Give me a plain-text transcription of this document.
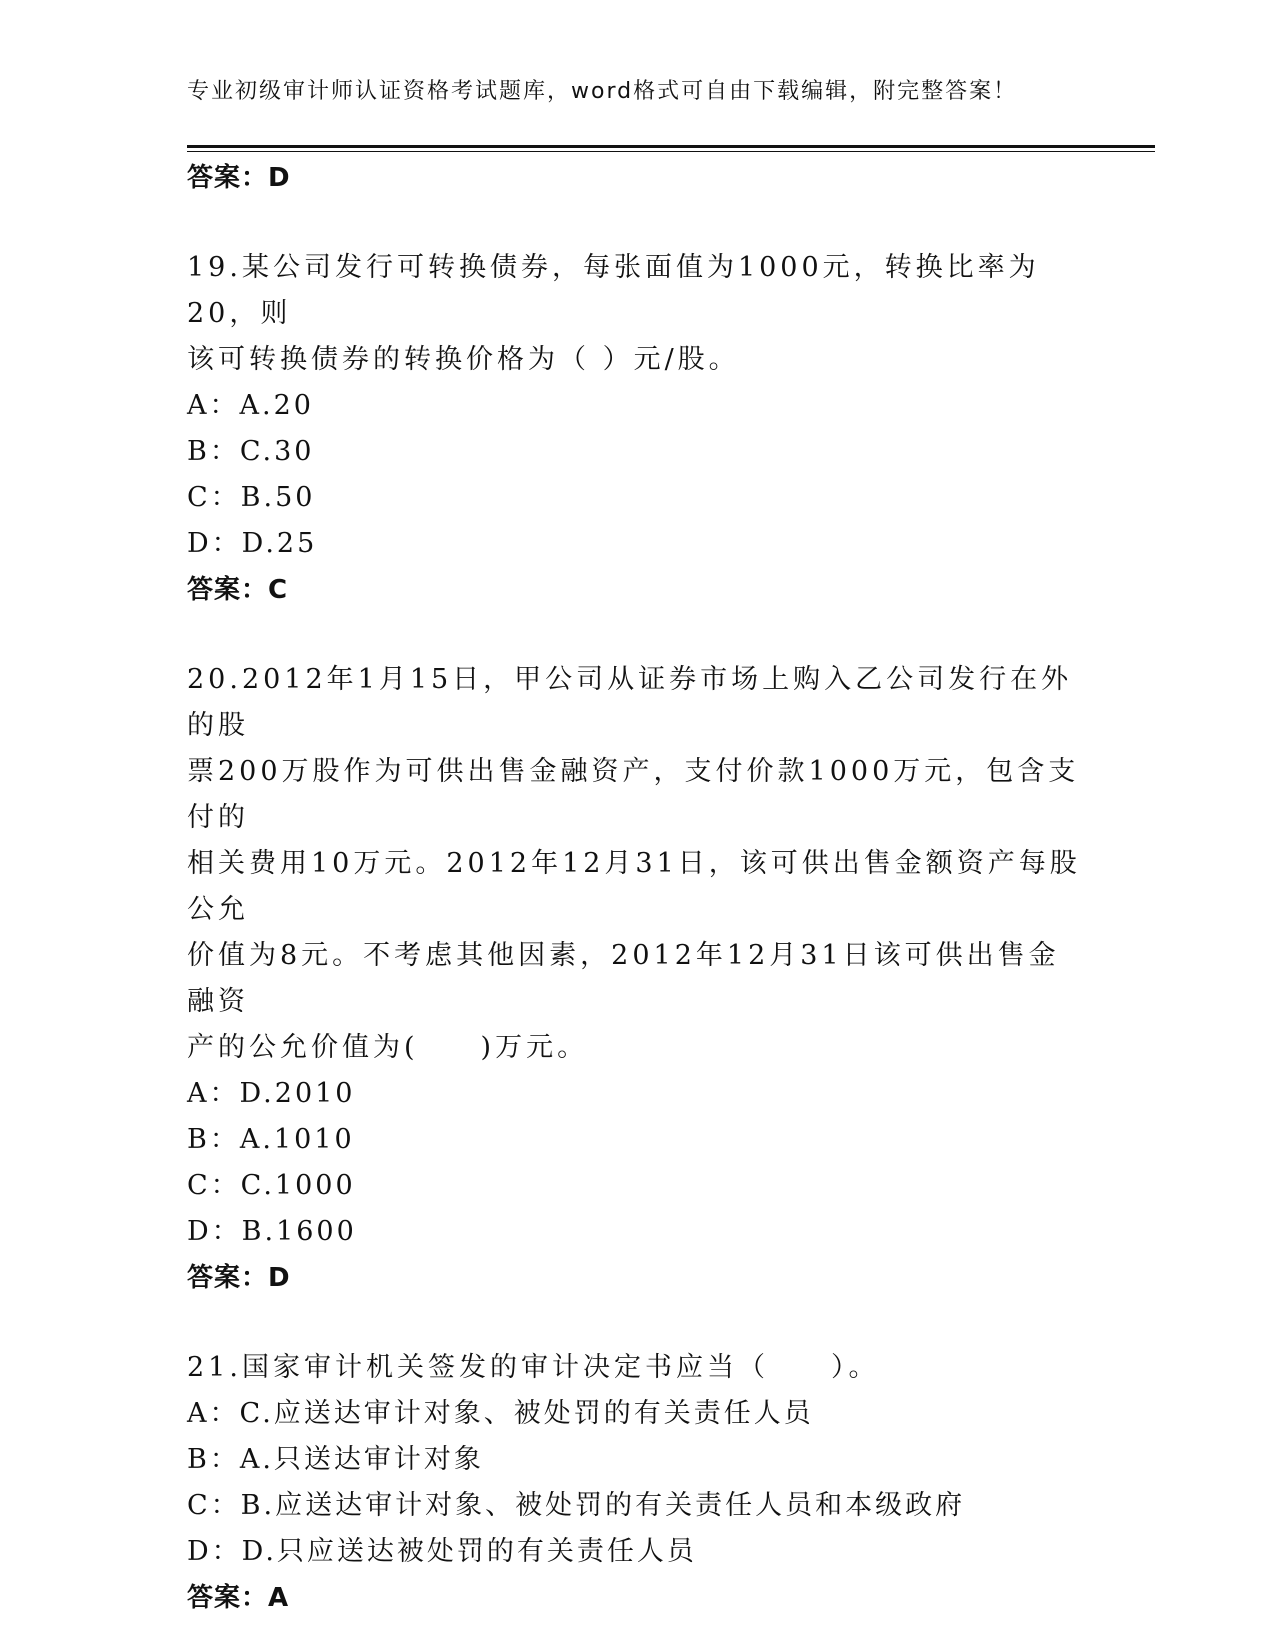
专业初级审计师认证资格考试题库，word格式可自由下载编辑，附完整答案！
答案：D

19.某公司发行可转换债券，每张面值为1000元，转换比率为20，则

该可转换债券的转换价格为（ ）元/股。

A：A.20
B：C.30
C：B.50
D：D.25
答案：C

20.2012年1月15日，甲公司从证券市场上购入乙公司发行在外的股

票200万股作为可供出售金融资产，支付价款1000万元，包含支付的

相关费用10万元。2012年12月31日，该可供出售金额资产每股公允

价值为8元。不考虑其他因素，2012年12月31日该可供出售金融资

产的公允价值为(　　)万元。

A：D.2010
B：A.1010
C：C.1000
D：B.1600
答案：D

21.国家审计机关签发的审计决定书应当（　　）。

A：C.应送达审计对象、被处罚的有关责任人员
B：A.只送达审计对象
C：B.应送达审计对象、被处罚的有关责任人员和本级政府
D：D.只应送达被处罚的有关责任人员
答案：A
